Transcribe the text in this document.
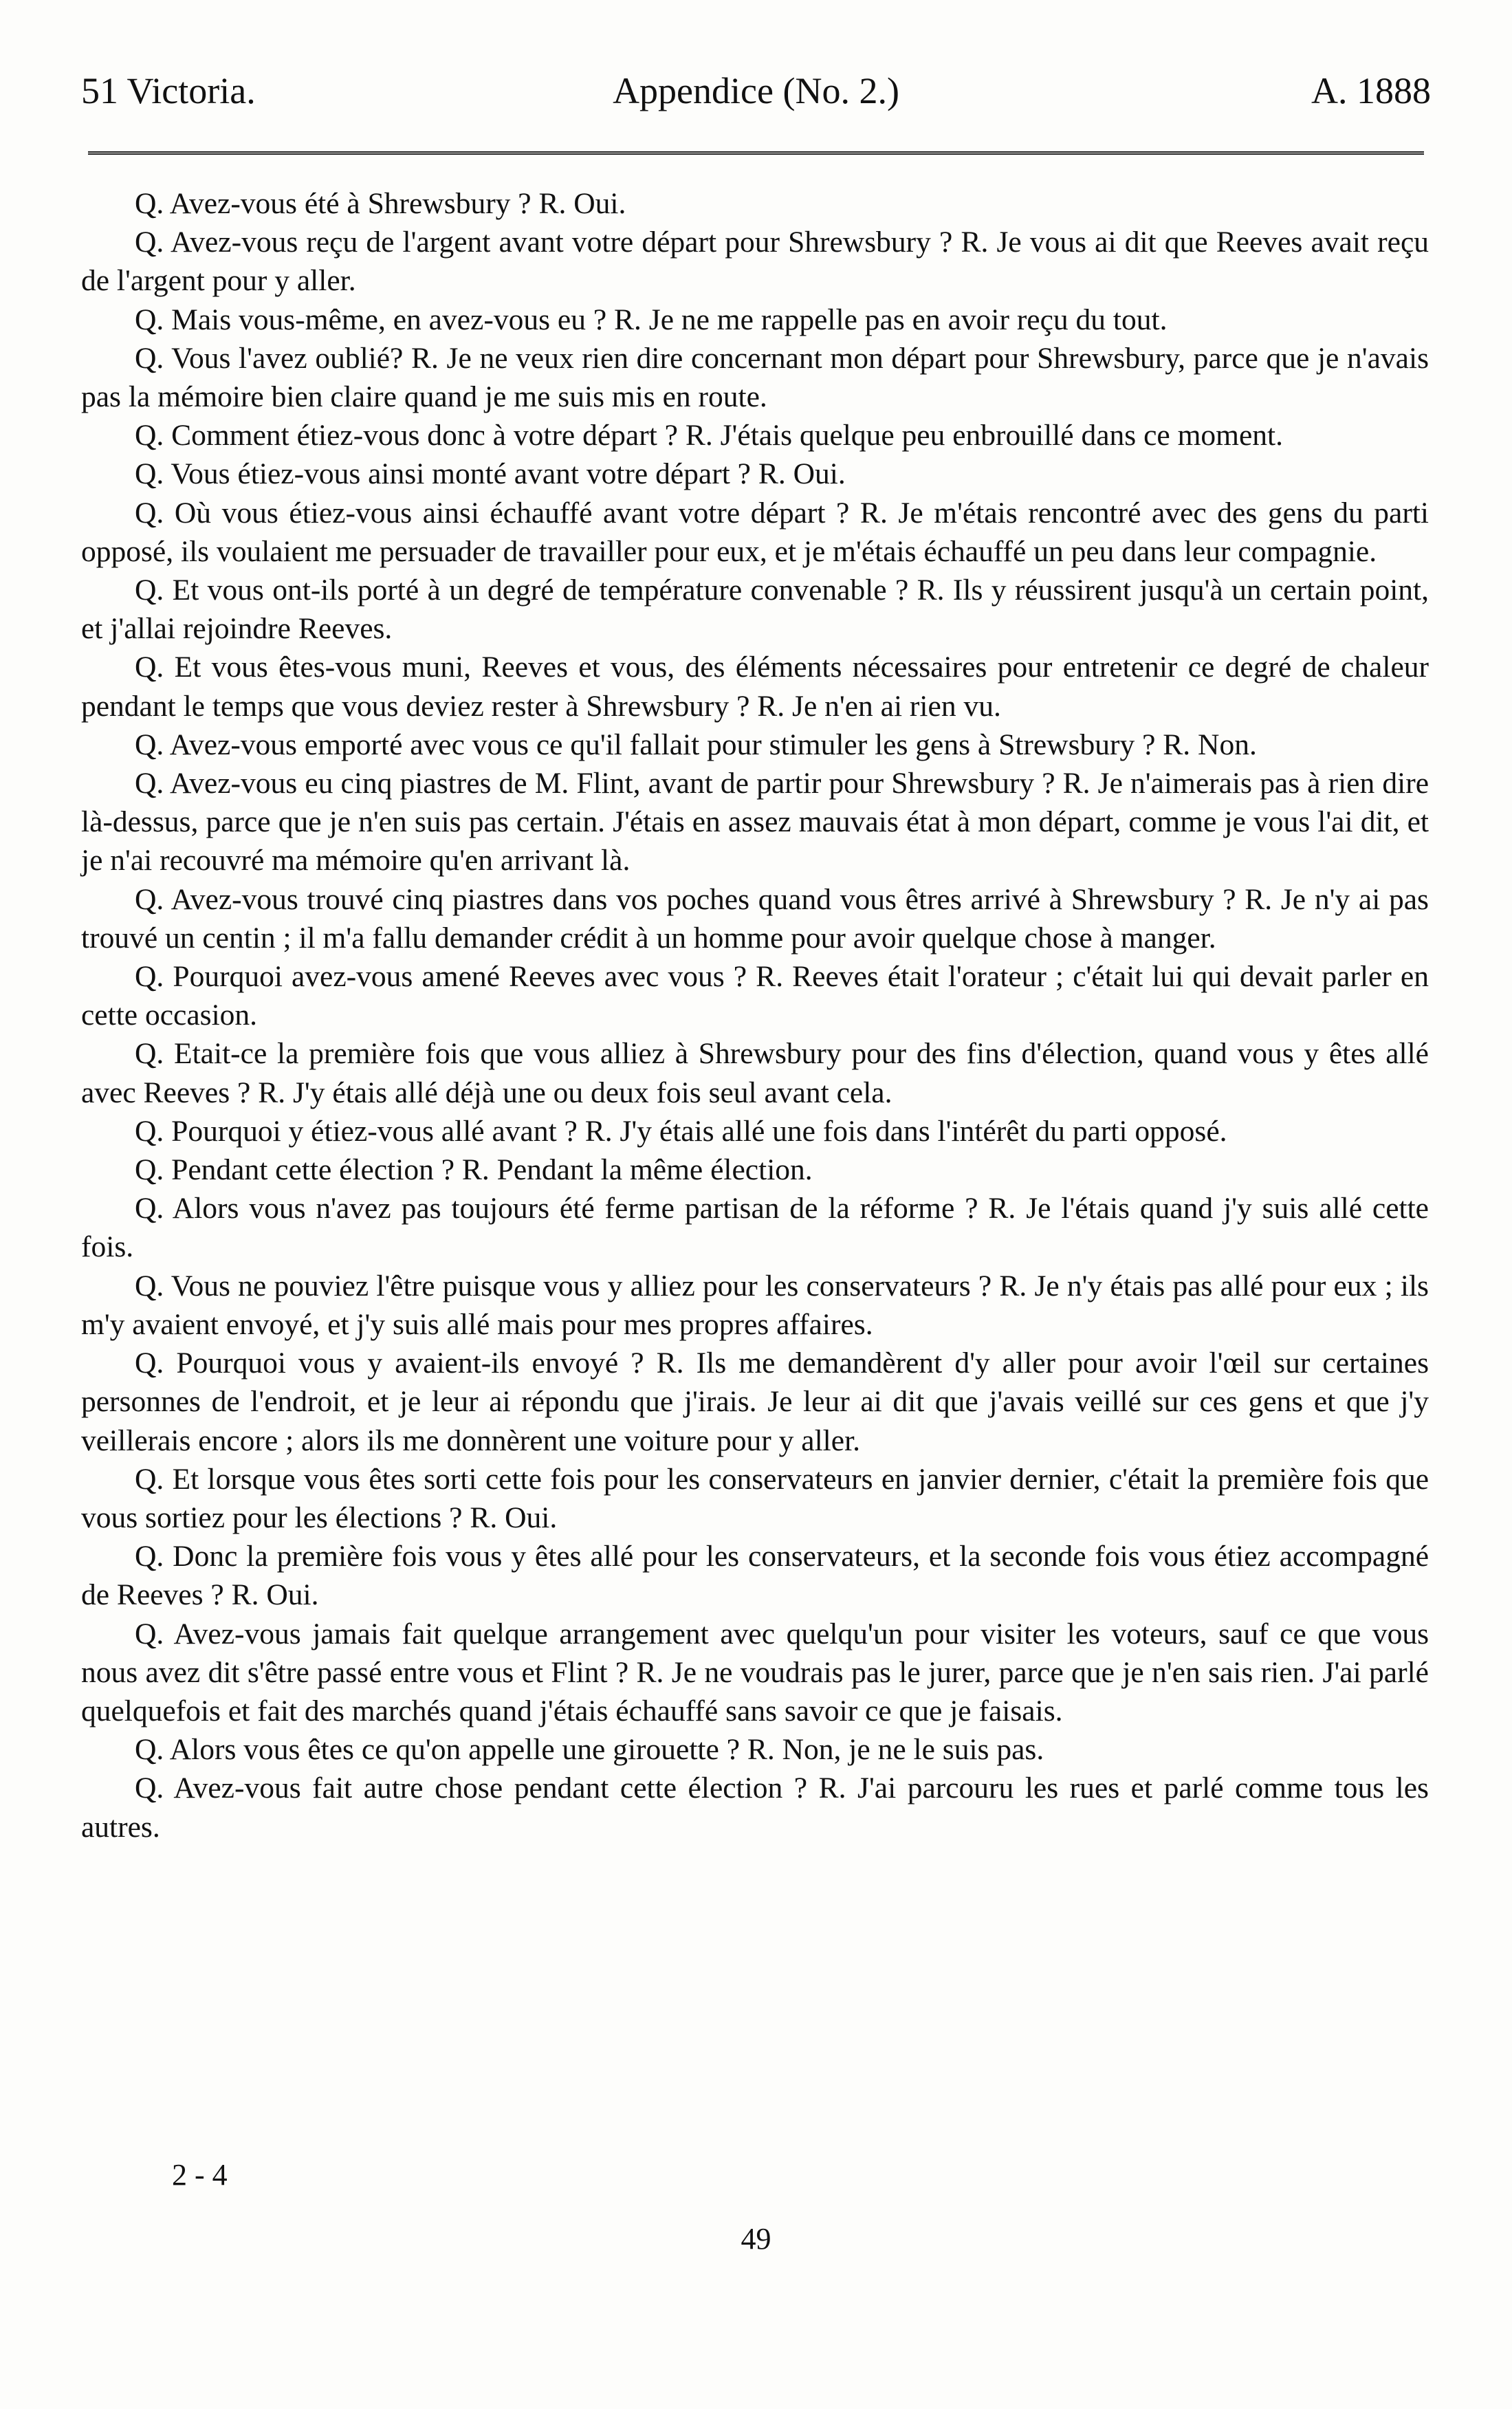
51 Victoria.	Appendice (No. 2.)	A. 1888

Q. Avez-vous été à Shrewsbury ? R. Oui.

Q. Avez-vous reçu de l'argent avant votre départ pour Shrewsbury ? R. Je vous ai dit que Reeves avait reçu de l'argent pour y aller.

Q. Mais vous-même, en avez-vous eu ? R. Je ne me rappelle pas en avoir reçu du tout.

Q. Vous l'avez oublié? R. Je ne veux rien dire concernant mon départ pour Shrewsbury, parce que je n'avais pas la mémoire bien claire quand je me suis mis en route.

Q. Comment étiez-vous donc à votre départ ? R. J'étais quelque peu enbrouillé dans ce moment.

Q. Vous étiez-vous ainsi monté avant votre départ ? R. Oui.

Q. Où vous étiez-vous ainsi échauffé avant votre départ ? R. Je m'étais rencontré avec des gens du parti opposé, ils voulaient me persuader de travailler pour eux, et je m'étais échauffé un peu dans leur compagnie.

Q. Et vous ont-ils porté à un degré de température convenable ? R. Ils y réussirent jusqu'à un certain point, et j'allai rejoindre Reeves.

Q. Et vous êtes-vous muni, Reeves et vous, des éléments nécessaires pour entretenir ce degré de chaleur pendant le temps que vous deviez rester à Shrewsbury ? R. Je n'en ai rien vu.

Q. Avez-vous emporté avec vous ce qu'il fallait pour stimuler les gens à Strewsbury ? R. Non.

Q. Avez-vous eu cinq piastres de M. Flint, avant de partir pour Shrewsbury ? R. Je n'aimerais pas à rien dire là-dessus, parce que je n'en suis pas certain. J'étais en assez mauvais état à mon départ, comme je vous l'ai dit, et je n'ai recouvré ma mémoire qu'en arrivant là.

Q. Avez-vous trouvé cinq piastres dans vos poches quand vous êtres arrivé à Shrewsbury ? R. Je n'y ai pas trouvé un centin ; il m'a fallu demander crédit à un homme pour avoir quelque chose à manger.

Q. Pourquoi avez-vous amené Reeves avec vous ? R. Reeves était l'orateur ; c'était lui qui devait parler en cette occasion.

Q. Etait-ce la première fois que vous alliez à Shrewsbury pour des fins d'élection, quand vous y êtes allé avec Reeves ? R. J'y étais allé déjà une ou deux fois seul avant cela.

Q. Pourquoi y étiez-vous allé avant ? R. J'y étais allé une fois dans l'intérêt du parti opposé.

Q. Pendant cette élection ? R. Pendant la même élection.

Q. Alors vous n'avez pas toujours été ferme partisan de la réforme ? R. Je l'étais quand j'y suis allé cette fois.

Q. Vous ne pouviez l'être puisque vous y alliez pour les conservateurs ? R. Je n'y étais pas allé pour eux ; ils m'y avaient envoyé, et j'y suis allé mais pour mes propres affaires.

Q. Pourquoi vous y avaient-ils envoyé ? R. Ils me demandèrent d'y aller pour avoir l'œil sur certaines personnes de l'endroit, et je leur ai répondu que j'irais. Je leur ai dit que j'avais veillé sur ces gens et que j'y veillerais encore ; alors ils me donnèrent une voiture pour y aller.

Q. Et lorsque vous êtes sorti cette fois pour les conservateurs en janvier dernier, c'était la première fois que vous sortiez pour les élections ? R. Oui.

Q. Donc la première fois vous y êtes allé pour les conservateurs, et la seconde fois vous étiez accompagné de Reeves ? R. Oui.

Q. Avez-vous jamais fait quelque arrangement avec quelqu'un pour visiter les voteurs, sauf ce que vous nous avez dit s'être passé entre vous et Flint ? R. Je ne voudrais pas le jurer, parce que je n'en sais rien. J'ai parlé quelquefois et fait des marchés quand j'étais échauffé sans savoir ce que je faisais.

Q. Alors vous êtes ce qu'on appelle une girouette ? R. Non, je ne le suis pas.

Q. Avez-vous fait autre chose pendant cette élection ? R. J'ai parcouru les rues et parlé comme tous les autres.

2 - 4
49
